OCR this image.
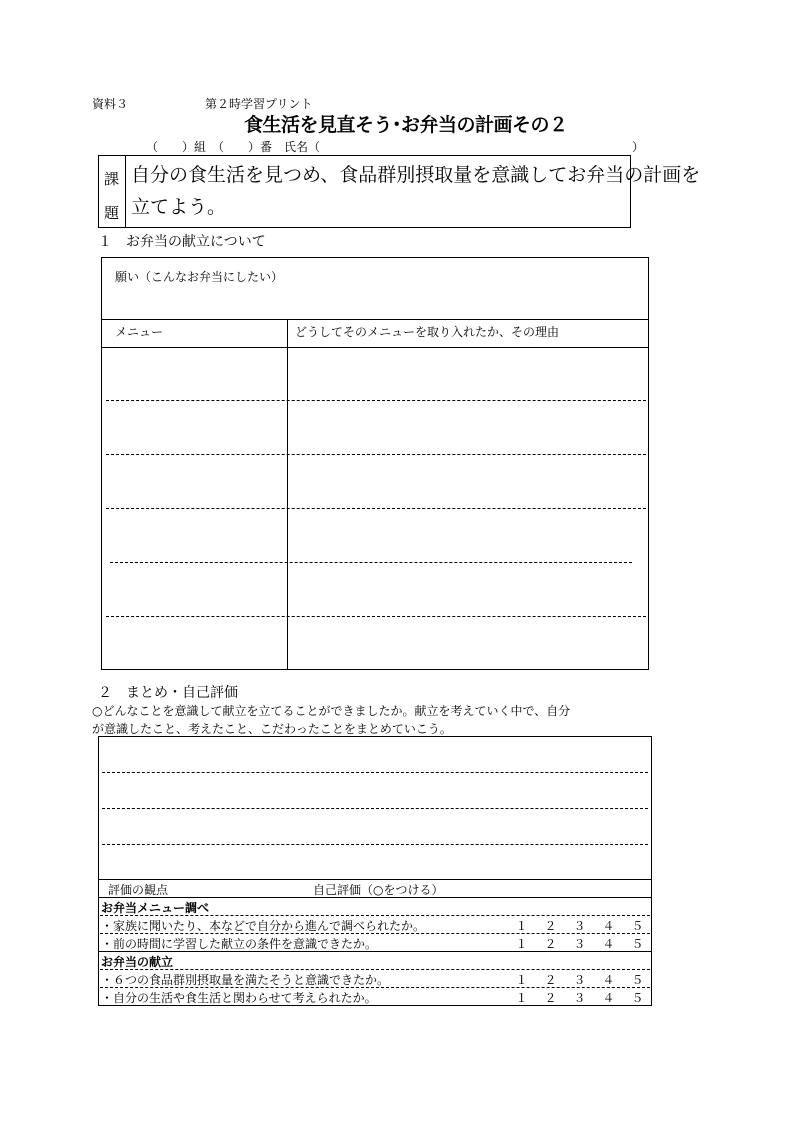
資料３	第２時学習プリント
食生活を見直そう･お弁当の計画その２
（　　）組　（　　）番　氏名（　　　　　　　　　　　　　　　　　　　　　　　　　　）
課
題
自分の食生活を見つめ、食品群別摂取量を意識してお弁当の計画を
立てよう。
１　お弁当の献立について
願い（こんなお弁当にしたい）
メニュー	どうしてそのメニューを取り入れたか、その理由
２　まとめ・自己評価
○どんなことを意識して献立を立てることができましたか。献立を考えていく中で、自分
が意識したこと、考えたこと、こだわったことをまとめていこう。
評価の観点	自己評価（○をつける）
お弁当メニュー調べ
・家族に聞いたり、本などで自分から進んで調べられたか。	１	２	３	４	５
・前の時間に学習した献立の条件を意識できたか。	１	２	３	４	５
お弁当の献立
・６つの食品群別摂取量を満たそうと意識できたか。	１	２	３	４	５
・自分の生活や食生活と関わらせて考えられたか。	１	２	３	４	５
